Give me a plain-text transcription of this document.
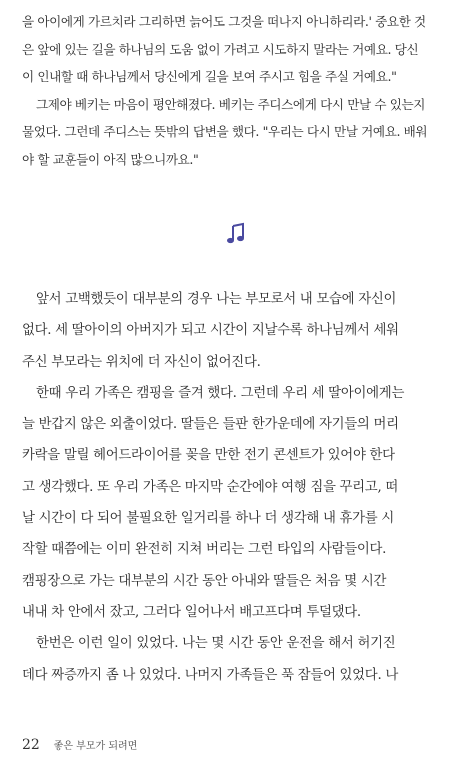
을 아이에게 가르치라 그리하면 늙어도 그것을 떠나지 아니하리라.' 중요한 것
은 앞에 있는 길을 하나님의 도움 없이 가려고 시도하지 말라는 거예요. 당신
이 인내할 때 하나님께서 당신에게 길을 보여 주시고 힘을 주실 거예요."
그제야 베키는 마음이 평안해졌다. 베키는 주디스에게 다시 만날 수 있는지
물었다. 그런데 주디스는 뜻밖의 답변을 했다. "우리는 다시 만날 거예요. 배워
야 할 교훈들이 아직 많으니까요."
앞서 고백했듯이 대부분의 경우 나는 부모로서 내 모습에 자신이
없다. 세 딸아이의 아버지가 되고 시간이 지날수록 하나님께서 세워
주신 부모라는 위치에 더 자신이 없어진다.
한때 우리 가족은 캠핑을 즐겨 했다. 그런데 우리 세 딸아이에게는
늘 반갑지 않은 외출이었다. 딸들은 들판 한가운데에 자기들의 머리
카락을 말릴 헤어드라이어를 꽂을 만한 전기 콘센트가 있어야 한다
고 생각했다. 또 우리 가족은 마지막 순간에야 여행 짐을 꾸리고, 떠
날 시간이 다 되어 불필요한 일거리를 하나 더 생각해 내 휴가를 시
작할 때쯤에는 이미 완전히 지쳐 버리는 그런 타입의 사람들이다.
캠핑장으로 가는 대부분의 시간 동안 아내와 딸들은 처음 몇 시간
내내 차 안에서 잤고, 그러다 일어나서 배고프다며 투덜댔다.
한번은 이런 일이 있었다. 나는 몇 시간 동안 운전을 해서 허기진
데다 짜증까지 좀 나 있었다. 나머지 가족들은 푹 잠들어 있었다. 나
22 좋은 부모가 되려면
